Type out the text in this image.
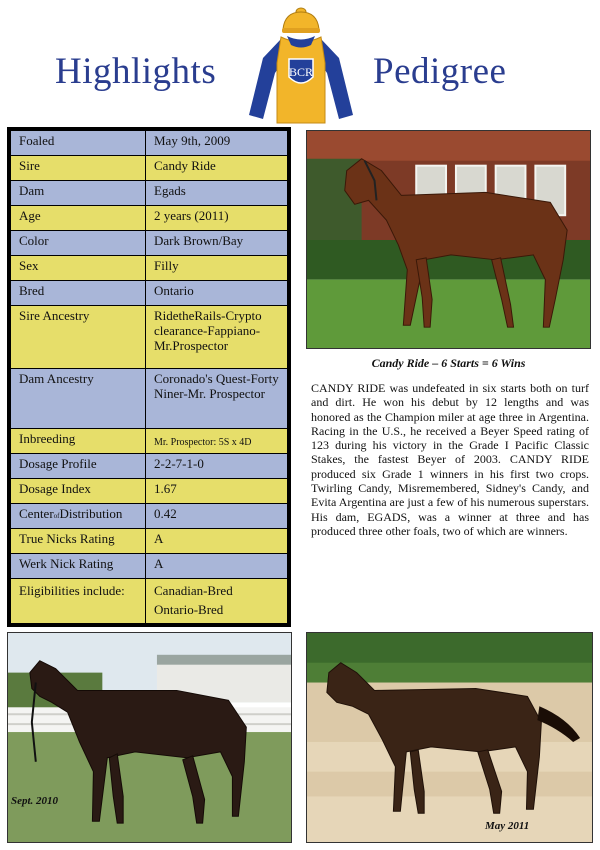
Highlights	BCR Pedigree
Foaled	May 9th, 2009
Sire	Candy Ride
Dam	Egads
Age	2 years (2011)
Color	Dark Brown/Bay
Sex	Filly
Bred	Ontario
Sire Ancestry	RidetheRails-Crypto clearance-Fappiano-Mr.Prospector
Dam Ancestry	Coronado's Quest-Forty Niner-Mr. Prospector
Inbreeding	Mr. Prospector: 5S x 4D
Dosage Profile	2-2-7-1-0
Dosage Index	1.67
CenterofDistribution	0.42
True Nicks Rating	A
Werk Nick Rating	A
Eligibilities include:	Canadian-Bred
Ontario-Bred
Candy Ride – 6 Starts = 6 Wins
CANDY RIDE was undefeated in six starts both on turf and dirt. He won his debut by 12 lengths and was honored as the Champion miler at age three in Argentina. Racing in the U.S., he received a Beyer Speed rating of 123 during his victory in the Grade I Pacific Classic Stakes, the fastest Beyer of 2003. CANDY RIDE produced six Grade 1 winners in his first two crops. Twirling Candy, Misremembered, Sidney's Candy, and Evita Argentina are just a few of his numerous superstars. His dam, EGADS, was a winner at three and has produced three other foals, two of which are winners.
Sept. 2010
May 2011
